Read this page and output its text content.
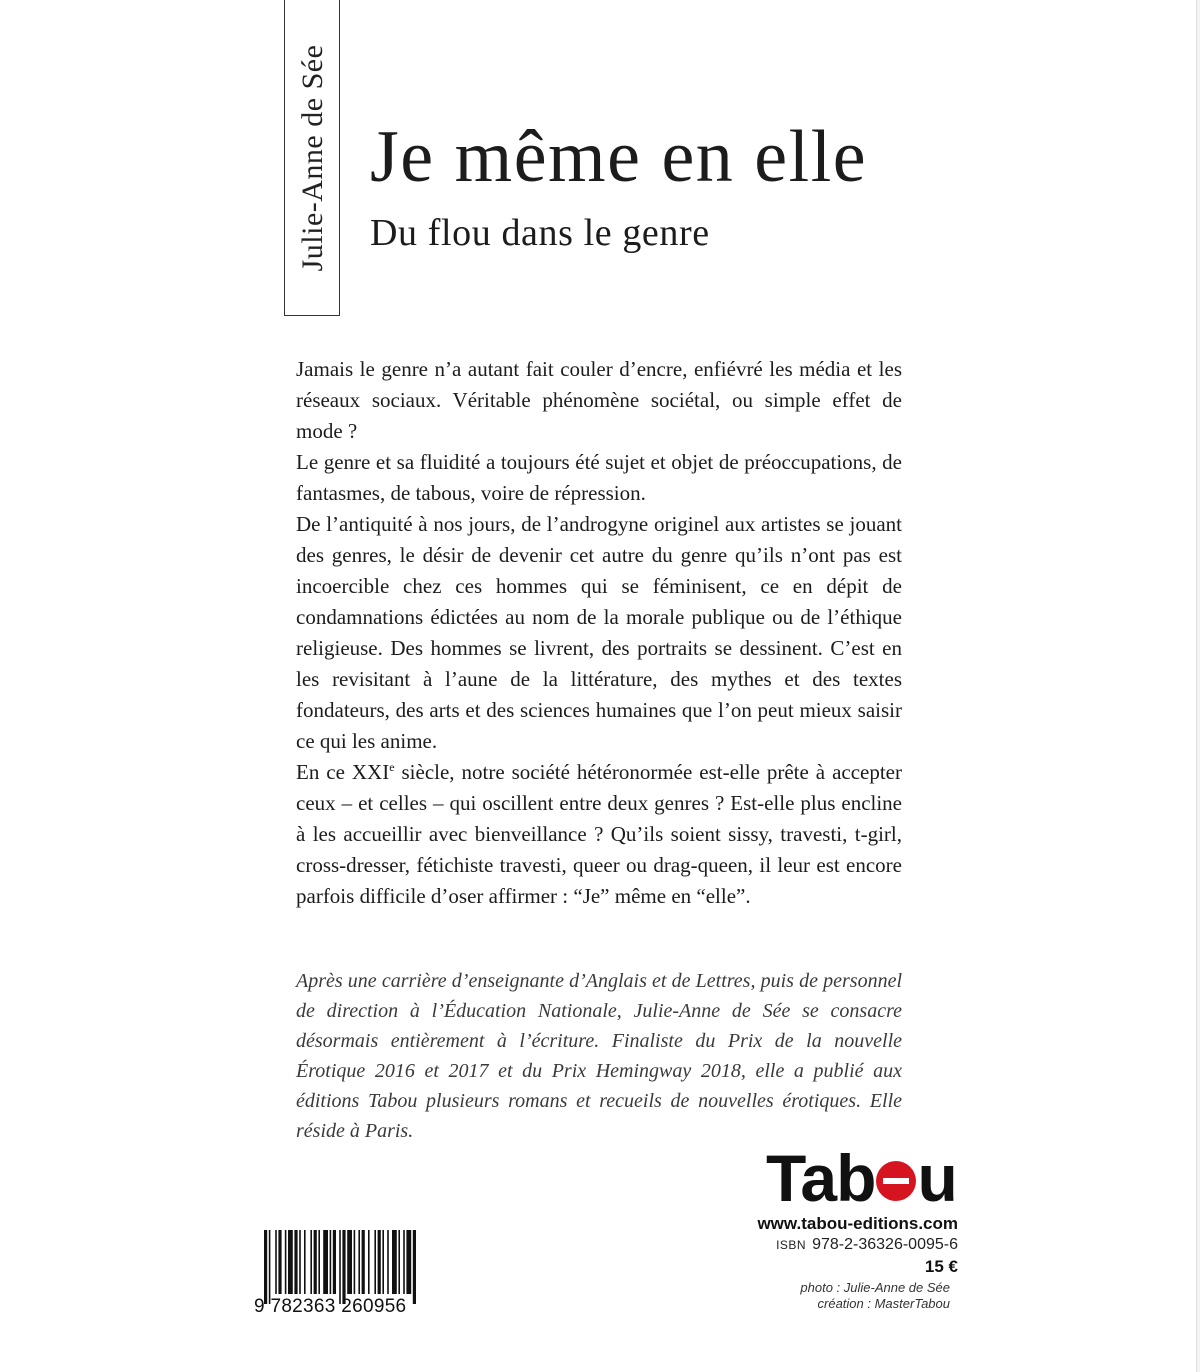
Julie-Anne de Sée Je même en elle
Du flou dans le genre

Jamais le genre n’a autant fait couler d’encre, enfiévré les média et les réseaux sociaux. Véritable phénomène sociétal, ou simple effet de mode ?

Le genre et sa fluidité a toujours été sujet et objet de préoccupations, de fantasmes, de tabous, voire de répression.

De l’antiquité à nos jours, de l’androgyne originel aux artistes se jouant des genres, le désir de devenir cet autre du genre qu’ils n’ont pas est incoercible chez ces hommes qui se féminisent, ce en dépit de condamnations édictées au nom de la morale publique ou de l’éthique religieuse. Des hommes se livrent, des portraits se dessinent. C’est en les revisitant à l’aune de la littérature, des mythes et des textes fondateurs, des arts et des sciences humaines que l’on peut mieux saisir ce qui les anime.

En ce XXIe siècle, notre société hétéronormée est-elle prête à accepter ceux – et celles – qui oscillent entre deux genres ? Est-elle plus encline à les accueillir avec bienveillance ? Qu’ils soient sissy, travesti, t-girl, cross-dresser, fétichiste travesti, queer ou drag-queen, il leur est encore parfois difficile d’oser affirmer : “Je” même en “elle”.

Après une carrière d’enseignante d’Anglais et de Lettres, puis de personnel de direction à l’Éducation Nationale, Julie-Anne de Sée se consacre désormais entièrement à l’écriture. Finaliste du Prix de la nouvelle Érotique 2016 et 2017 et du Prix Hemingway 2018, elle a publié aux éditions Tabou plusieurs romans et recueils de nouvelles érotiques. Elle réside à Paris.
Tab u
www.tabou-editions.com
ISBN 978-2-36326-0095-6
15 €
photo : Julie-Anne de Sée
création : MasterTabou
9 782363 260956
